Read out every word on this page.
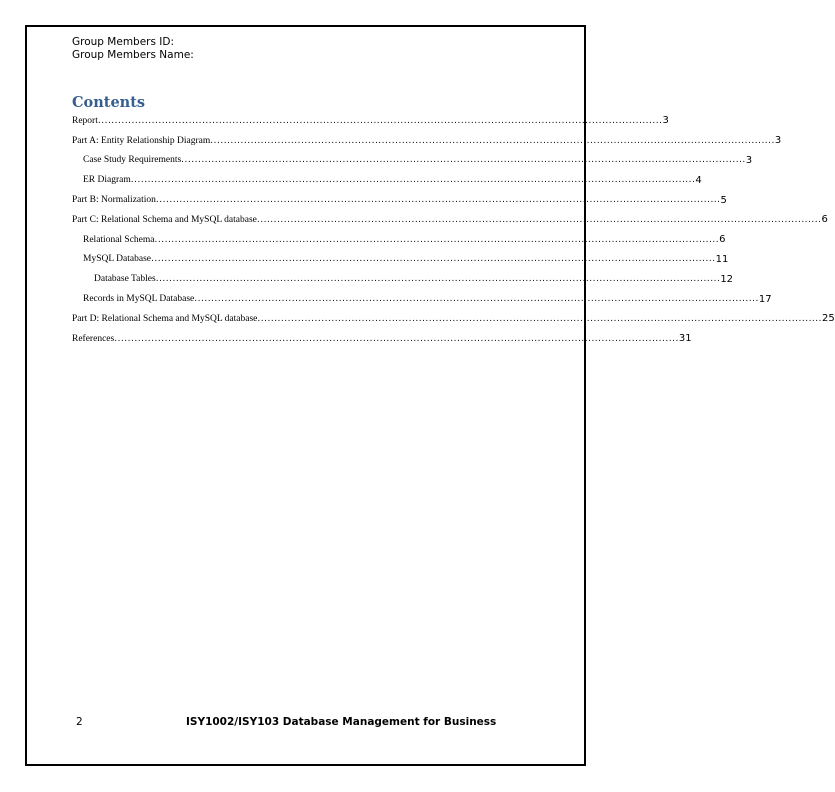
Group Members ID:
Group Members Name:
Contents
Report ........................................................................................................................................................................ 3
Part A: Entity Relationship Diagram ........................................................................................................................................................................ 3
Case Study Requirements ........................................................................................................................................................................ 3
ER Diagram ........................................................................................................................................................................ 4
Part B: Normalization ........................................................................................................................................................................ 5
Part C: Relational Schema and MySQL database ........................................................................................................................................................................ 6
Relational Schema ........................................................................................................................................................................ 6
MySQL Database ........................................................................................................................................................................ 11
Database Tables ........................................................................................................................................................................ 12
Records in MySQL Database ........................................................................................................................................................................ 17
Part D: Relational Schema and MySQL database ........................................................................................................................................................................ 25
References ........................................................................................................................................................................ 31
2	ISY1002/ISY103 Database Management for Business
